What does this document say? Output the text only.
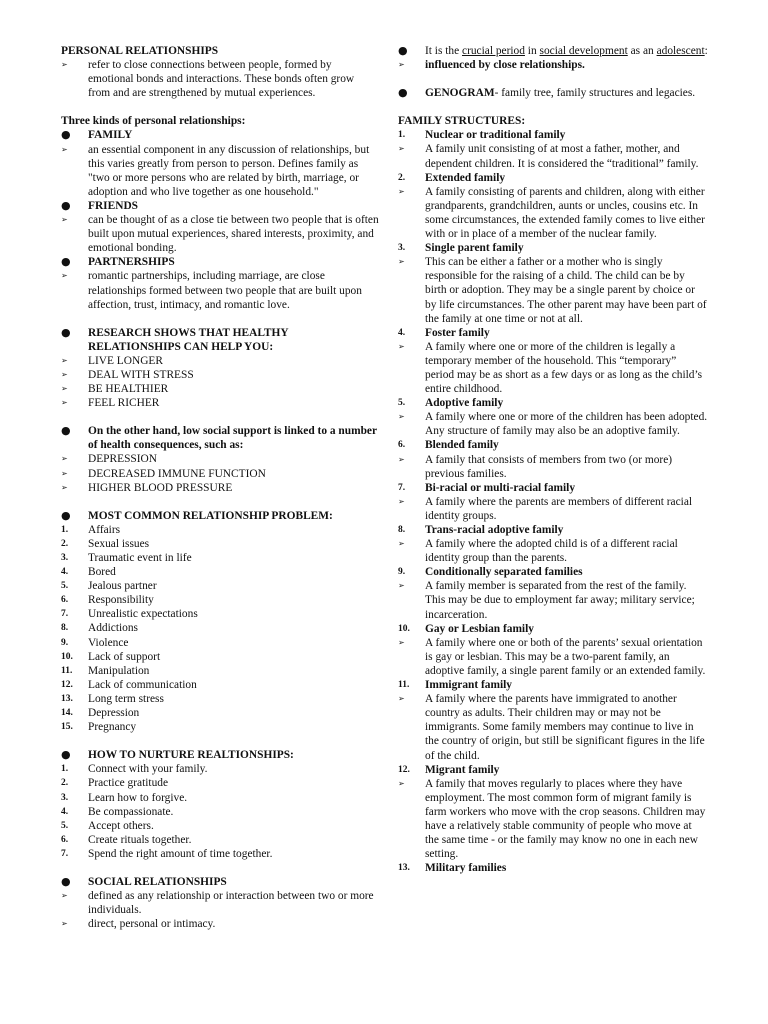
PERSONAL RELATIONSHIPS
➢	refer to close connections between people, formed by emotional bonds and interactions. These bonds often grow from and are strengthened by mutual experiences.
Three kinds of personal relationships:
●	FAMILY
➢	an essential component in any discussion of relationships, but this varies greatly from person to person. Defines family as "two or more persons who are related by birth, marriage, or adoption and who live together as one household."
●	FRIENDS
➢	can be thought of as a close tie between two people that is often built upon mutual experiences, shared interests, proximity, and emotional bonding.
●	PARTNERSHIPS
➢	romantic partnerships, including marriage, are close relationships formed between two people that are built upon affection, trust, intimacy, and romantic love.
●	RESEARCH SHOWS THAT HEALTHY RELATIONSHIPS CAN HELP YOU:
➢	LIVE LONGER
➢	DEAL WITH STRESS
➢	BE HEALTHIER
➢	FEEL RICHER
●	On the other hand, low social support is linked to a number of health consequences, such as:
➢	DEPRESSION
➢	DECREASED IMMUNE FUNCTION
➢	HIGHER BLOOD PRESSURE
●	MOST COMMON RELATIONSHIP PROBLEM:
1.	Affairs
2.	Sexual issues
3.	Traumatic event in life
4.	Bored
5.	Jealous partner
6.	Responsibility
7.	Unrealistic expectations
8.	Addictions
9.	Violence
10.	Lack of support
11.	Manipulation
12.	Lack of communication
13.	Long term stress
14.	Depression
15.	Pregnancy
●	HOW TO NURTURE REALTIONSHIPS:
1.	Connect with your family.
2.	Practice gratitude
3.	Learn how to forgive.
4.	Be compassionate.
5.	Accept others.
6.	Create rituals together.
7.	Spend the right amount of time together.
●	SOCIAL RELATIONSHIPS
➢	defined as any relationship or interaction between two or more individuals.
➢	direct, personal or intimacy.
●	It is the crucial period in social development as an adolescent:
➢	influenced by close relationships.
●	GENOGRAM- family tree, family structures and legacies.
FAMILY STRUCTURES:
1.	Nuclear or traditional family
➢	A family unit consisting of at most a father, mother, and dependent children. It is considered the “traditional” family.
2.	Extended family
➢	A family consisting of parents and children, along with either grandparents, grandchildren, aunts or uncles, cousins etc. In some circumstances, the extended family comes to live either with or in place of a member of the nuclear family.
3.	Single parent family
➢	This can be either a father or a mother who is singly responsible for the raising of a child. The child can be by birth or adoption. They may be a single parent by choice or by life circumstances. The other parent may have been part of the family at one time or not at all.
4.	Foster family
➢	A family where one or more of the children is legally a temporary member of the household. This “temporary” period may be as short as a few days or as long as the child’s entire childhood.
5.	Adoptive family
➢	A family where one or more of the children has been adopted. Any structure of family may also be an adoptive family.
6.	Blended family
➢	A family that consists of members from two (or more) previous families.
7.	Bi-racial or multi-racial family
➢	A family where the parents are members of different racial identity groups.
8.	Trans-racial adoptive family
➢	A family where the adopted child is of a different racial identity group than the parents.
9.	Conditionally separated families
➢	A family member is separated from the rest of the family. This may be due to employment far away; military service; incarceration.
10.	Gay or Lesbian family
➢	A family where one or both of the parents’ sexual orientation is gay or lesbian. This may be a two-parent family, an adoptive family, a single parent family or an extended family.
11.	Immigrant family
➢	A family where the parents have immigrated to another country as adults. Their children may or may not be immigrants. Some family members may continue to live in the country of origin, but still be significant figures in the life of the child.
12.	Migrant family
➢	A family that moves regularly to places where they have employment. The most common form of migrant family is farm workers who move with the crop seasons. Children may have a relatively stable community of people who move at the same time - or the family may know no one in each new setting.
13.	Military families
